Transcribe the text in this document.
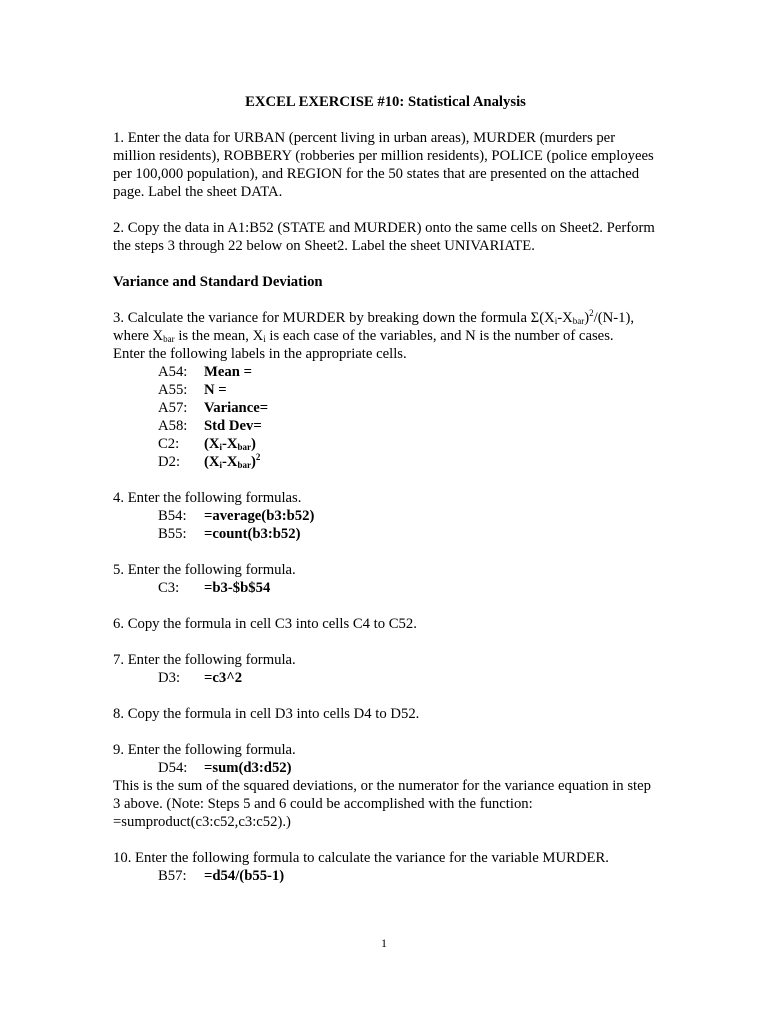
EXCEL EXERCISE #10: Statistical Analysis

1. Enter the data for URBAN (percent living in urban areas), MURDER (murders per million residents), ROBBERY (robberies per million residents), POLICE (police employees per 100,000 population), and REGION for the 50 states that are presented on the attached page. Label the sheet DATA.

2. Copy the data in A1:B52 (STATE and MURDER) onto the same cells on Sheet2. Perform the steps 3 through 22 below on Sheet2. Label the sheet UNIVARIATE.

Variance and Standard Deviation

3. Calculate the variance for MURDER by breaking down the formula $\Sigma(X_i-X_{bar})^2/(N-1)$,
where $X_{bar}$ is the mean, $X_i$ is each case of the variables, and N is the number of cases.
Enter the following labels in the appropriate cells.

A54:	Mean =
A55:	N =
A57:	Variance=
A58:	Std Dev=
C2:	$(X_i-X_{bar})$
D2:	$(X_i-X_{bar})^2$

4. Enter the following formulas.

B54:	=average(b3:b52)
B55:	=count(b3:b52)

5. Enter the following formula.

C3:	=b3-$b$54

6. Copy the formula in cell C3 into cells C4 to C52.

7. Enter the following formula.

D3:	=c3^2

8. Copy the formula in cell D3 into cells D4 to D52.

9. Enter the following formula.

D54:	=sum(d3:d52)

This is the sum of the squared deviations, or the numerator for the variance equation in step 3 above. (Note: Steps 5 and 6 could be accomplished with the function: =sumproduct(c3:c52,c3:c52).)

10. Enter the following formula to calculate the variance for the variable MURDER.

B57:	=d54/(b55-1)
1
